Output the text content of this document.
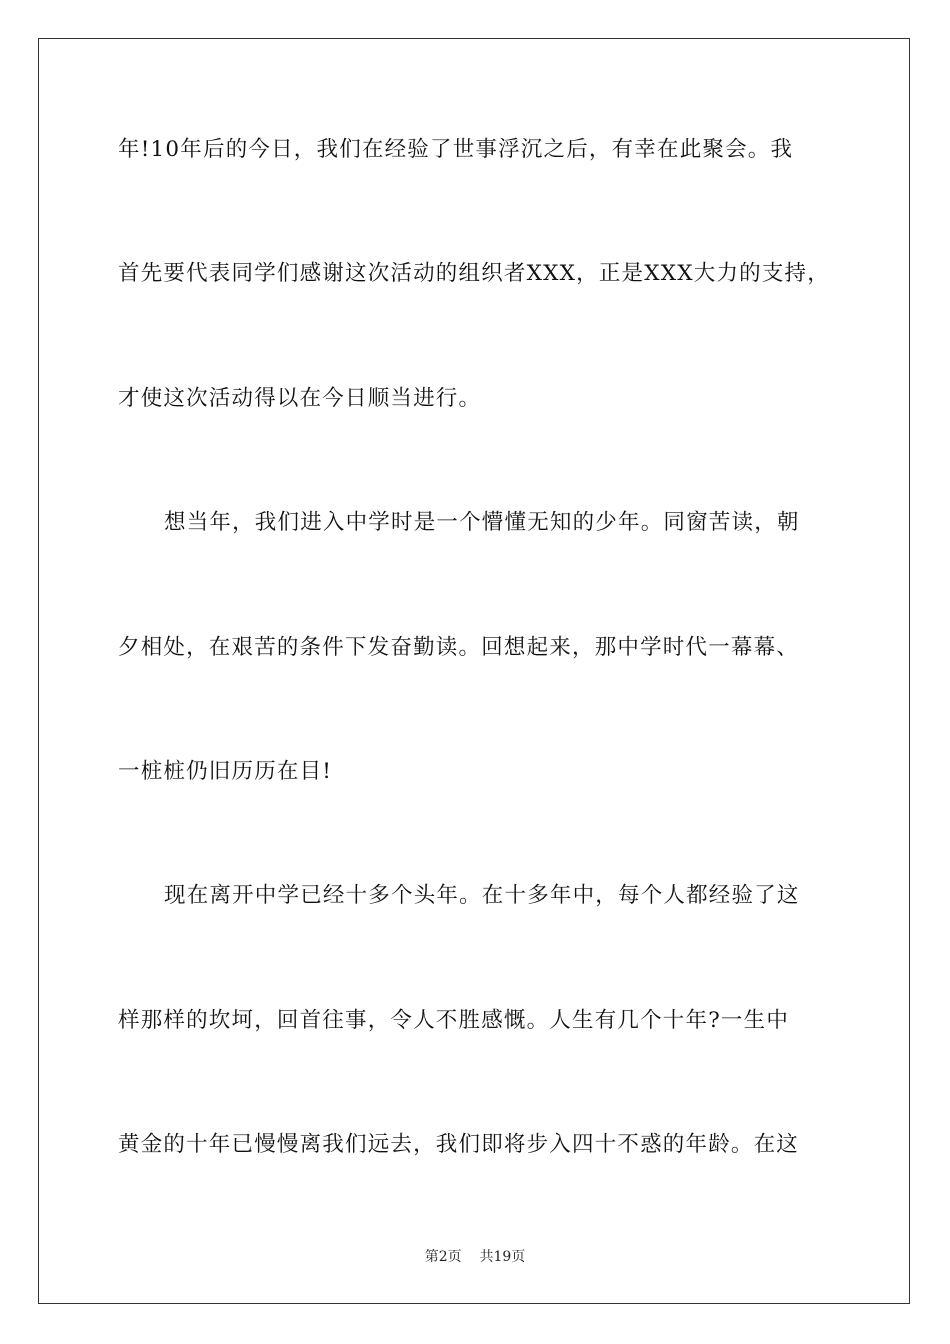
年!10年后的今日，我们在经验了世事浮沉之后，有幸在此聚会。我
首先要代表同学们感谢这次活动的组织者XXX，正是XXX大力的支持，
才使这次活动得以在今日顺当进行。
想当年，我们进入中学时是一个懵懂无知的少年。同窗苦读，朝
夕相处，在艰苦的条件下发奋勤读。回想起来，那中学时代一幕幕、
一桩桩仍旧历历在目!
现在离开中学已经十多个头年。在十多年中，每个人都经验了这
样那样的坎坷，回首往事，令人不胜感慨。人生有几个十年?一生中
黄金的十年已慢慢离我们远去，我们即将步入四十不惑的年龄。在这
第2页 共19页
